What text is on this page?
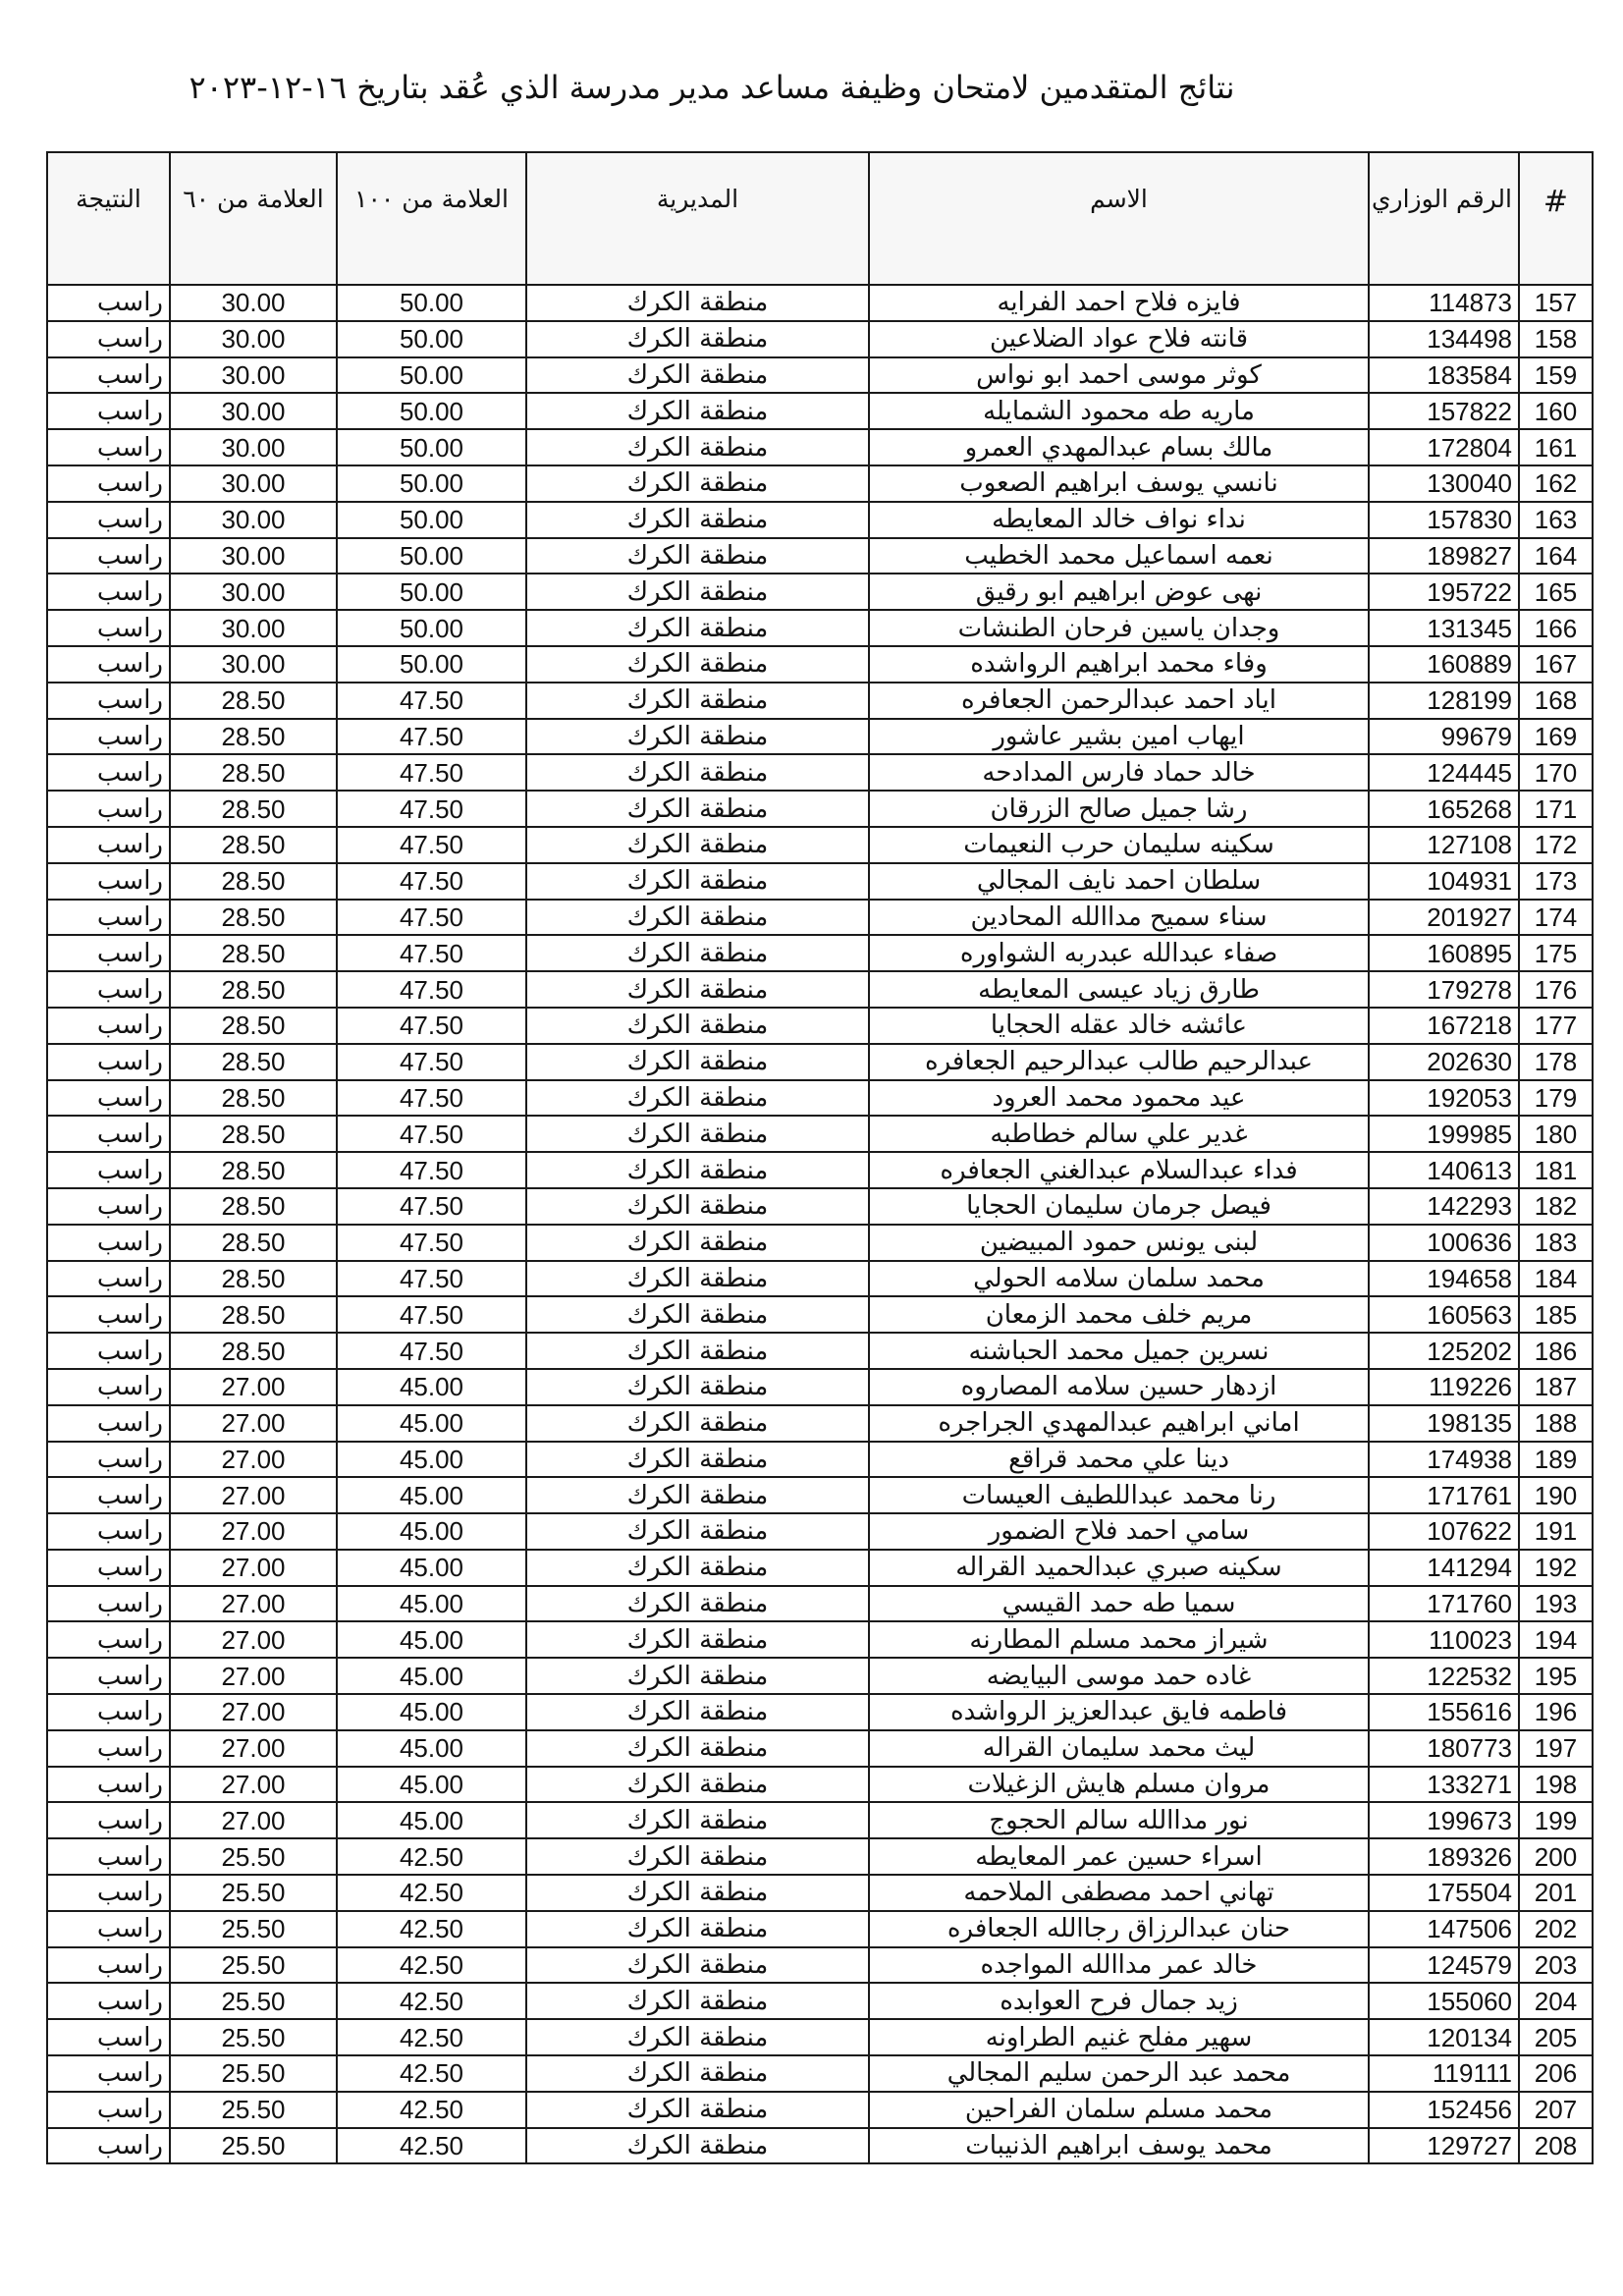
نتائج المتقدمين لامتحان وظيفة مساعد مدير مدرسة الذي عُقد بتاريخ ١٦-١٢-٢٠٢٣
#	الرقم الوزاري	الاسم	المديرية	العلامة من ١٠٠	العلامة من ٦٠	النتيجة
157	114873	فايزه فلاح احمد الفرايه	منطقة الكرك	50.00	30.00	راسب
158	134498	قانته فلاح عواد الضلاعين	منطقة الكرك	50.00	30.00	راسب
159	183584	كوثر موسى احمد ابو نواس	منطقة الكرك	50.00	30.00	راسب
160	157822	ماريه طه محمود الشمايله	منطقة الكرك	50.00	30.00	راسب
161	172804	مالك بسام عبدالمهدي العمرو	منطقة الكرك	50.00	30.00	راسب
162	130040	نانسي يوسف ابراهيم الصعوب	منطقة الكرك	50.00	30.00	راسب
163	157830	نداء نواف خالد المعايطه	منطقة الكرك	50.00	30.00	راسب
164	189827	نعمه اسماعيل محمد الخطيب	منطقة الكرك	50.00	30.00	راسب
165	195722	نهى عوض ابراهيم ابو رقيق	منطقة الكرك	50.00	30.00	راسب
166	131345	وجدان ياسين فرحان الطنشات	منطقة الكرك	50.00	30.00	راسب
167	160889	وفاء محمد ابراهيم الرواشده	منطقة الكرك	50.00	30.00	راسب
168	128199	اياد احمد عبدالرحمن الجعافره	منطقة الكرك	47.50	28.50	راسب
169	99679	ايهاب امين بشير عاشور	منطقة الكرك	47.50	28.50	راسب
170	124445	خالد حماد فارس المدادحه	منطقة الكرك	47.50	28.50	راسب
171	165268	رشا جميل صالح الزرقان	منطقة الكرك	47.50	28.50	راسب
172	127108	سكينه سليمان حرب النعيمات	منطقة الكرك	47.50	28.50	راسب
173	104931	سلطان احمد نايف المجالي	منطقة الكرك	47.50	28.50	راسب
174	201927	سناء سميح مداالله المحادين	منطقة الكرك	47.50	28.50	راسب
175	160895	صفاء عبدالله عبدربه الشواوره	منطقة الكرك	47.50	28.50	راسب
176	179278	طارق زياد عيسى المعايطه	منطقة الكرك	47.50	28.50	راسب
177	167218	عائشه خالد عقله الحجايا	منطقة الكرك	47.50	28.50	راسب
178	202630	عبدالرحيم طالب عبدالرحيم الجعافره	منطقة الكرك	47.50	28.50	راسب
179	192053	عيد محمود محمد العرود	منطقة الكرك	47.50	28.50	راسب
180	199985	غدير علي سالم خطاطبه	منطقة الكرك	47.50	28.50	راسب
181	140613	فداء عبدالسلام عبدالغني الجعافره	منطقة الكرك	47.50	28.50	راسب
182	142293	فيصل جرمان سليمان الحجايا	منطقة الكرك	47.50	28.50	راسب
183	100636	لبنى يونس حمود المبيضين	منطقة الكرك	47.50	28.50	راسب
184	194658	محمد سلمان سلامه الحولي	منطقة الكرك	47.50	28.50	راسب
185	160563	مريم خلف محمد الزمعان	منطقة الكرك	47.50	28.50	راسب
186	125202	نسرين جميل محمد الحباشنه	منطقة الكرك	47.50	28.50	راسب
187	119226	ازدهار حسين سلامه المصاروه	منطقة الكرك	45.00	27.00	راسب
188	198135	اماني ابراهيم عبدالمهدي الجراجره	منطقة الكرك	45.00	27.00	راسب
189	174938	دينا علي محمد قراقع	منطقة الكرك	45.00	27.00	راسب
190	171761	رنا محمد عبداللطيف العيسات	منطقة الكرك	45.00	27.00	راسب
191	107622	سامي احمد فلاح الضمور	منطقة الكرك	45.00	27.00	راسب
192	141294	سكينه صبري عبدالحميد القراله	منطقة الكرك	45.00	27.00	راسب
193	171760	سميا طه حمد القيسي	منطقة الكرك	45.00	27.00	راسب
194	110023	شيراز محمد مسلم المطارنه	منطقة الكرك	45.00	27.00	راسب
195	122532	غاده حمد موسى البيايضه	منطقة الكرك	45.00	27.00	راسب
196	155616	فاطمه فايق عبدالعزيز الرواشده	منطقة الكرك	45.00	27.00	راسب
197	180773	ليث محمد سليمان القراله	منطقة الكرك	45.00	27.00	راسب
198	133271	مروان مسلم هايش الزغيلات	منطقة الكرك	45.00	27.00	راسب
199	199673	نور مداالله سالم الحجوج	منطقة الكرك	45.00	27.00	راسب
200	189326	اسراء حسين عمر المعايطه	منطقة الكرك	42.50	25.50	راسب
201	175504	تهاني احمد مصطفى الملاحمه	منطقة الكرك	42.50	25.50	راسب
202	147506	حنان عبدالرزاق رجاالله الجعافره	منطقة الكرك	42.50	25.50	راسب
203	124579	خالد عمر مداالله المواجده	منطقة الكرك	42.50	25.50	راسب
204	155060	زيد جمال فرح العوابده	منطقة الكرك	42.50	25.50	راسب
205	120134	سهير مفلح غنيم الطراونه	منطقة الكرك	42.50	25.50	راسب
206	119111	محمد عبد الرحمن سليم المجالي	منطقة الكرك	42.50	25.50	راسب
207	152456	محمد مسلم سلمان الفراحين	منطقة الكرك	42.50	25.50	راسب
208	129727	محمد يوسف ابراهيم الذنيبات	منطقة الكرك	42.50	25.50	راسب
